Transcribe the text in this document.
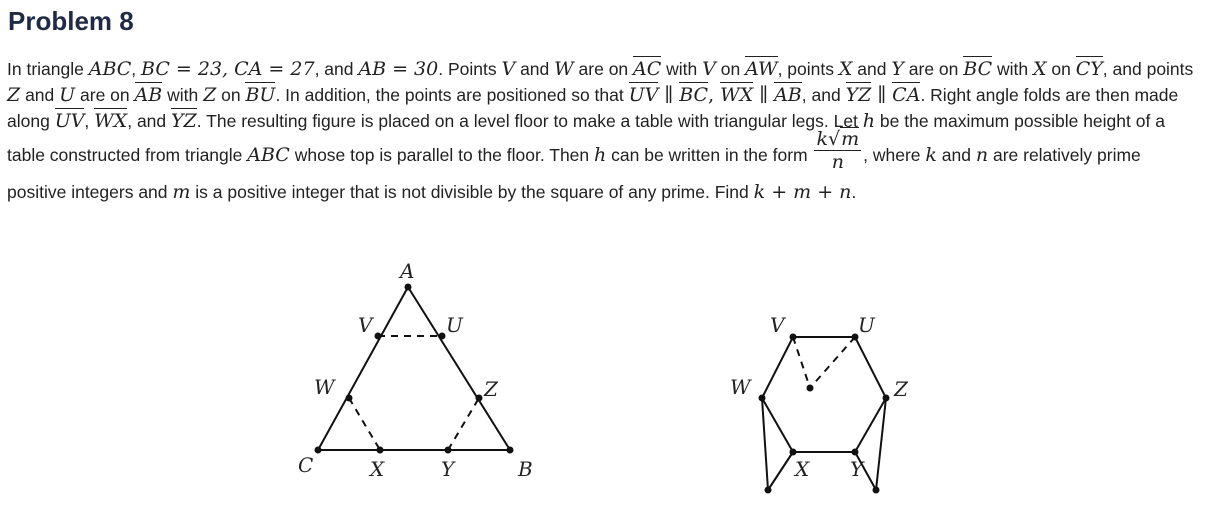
Problem 8
In triangle ABC, BC = 23, CA = 27, and AB = 30. Points V and W are on AC with V on AW, points X and Y are on BC with X on CY, and points Z and U are on AB with Z on BU. In addition, the points are positioned so that UV ∥ BC, WX ∥ AB, and YZ ∥ CA. Right angle folds are then made along UV, WX, and YZ. The resulting figure is placed on a level floor to make a table with triangular legs. Let h be the maximum possible height of a table constructed from triangle ABC whose top is parallel to the floor. Then h can be written in the form $\frac{k√m}{n}$ , where k and n are relatively prime positive integers and m is a positive integer that is not divisible by the square of any prime. Find k + m + n.
A
V	U
W	Z
C	X	Y	B
V	U
W	Z
X Y
